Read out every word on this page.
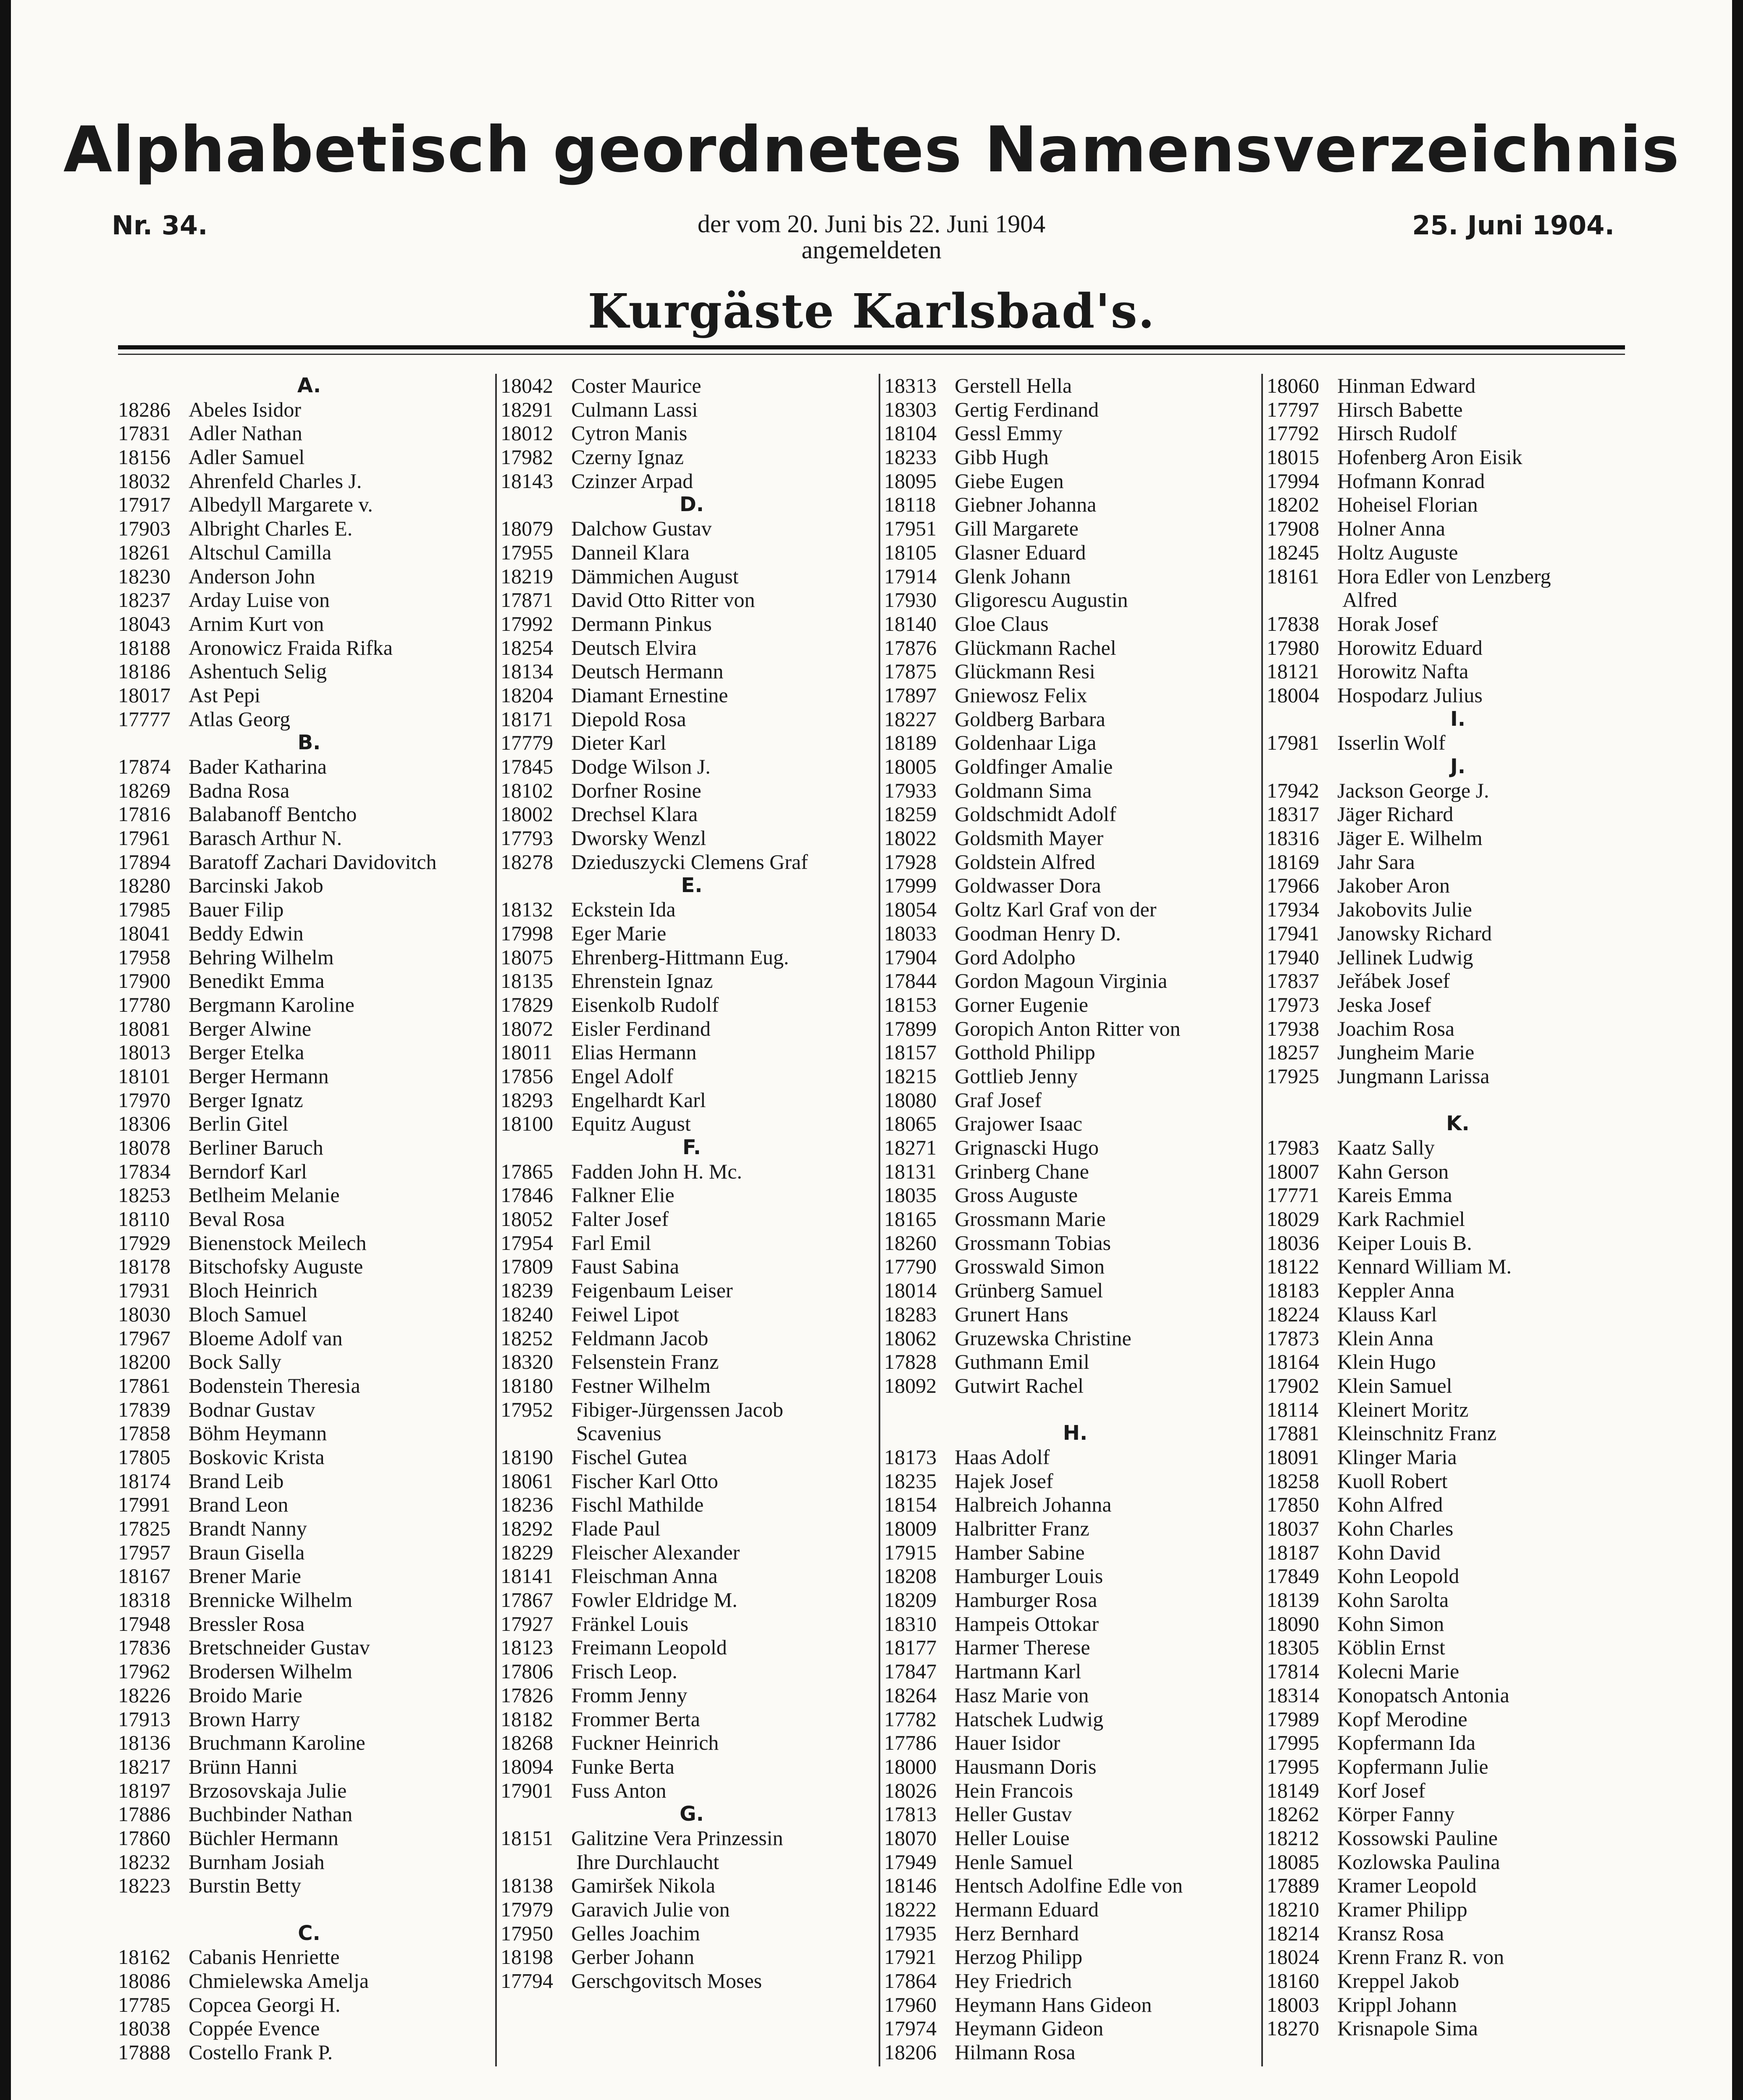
Alphabetisch geordnetes Namensverzeichnis
Nr. 34.	der vom 20. Juni bis 22. Juni 1904
angemeldeten
25. Juni 1904.
Kurgäste Karlsbad's.
A.
18286 Abeles Isidor
17831 Adler Nathan
18156 Adler Samuel
18032 Ahrenfeld Charles J.
17917 Albedyll Margarete v.
17903 Albright Charles E.
18261 Altschul Camilla
18230 Anderson John
18237 Arday Luise von
18043 Arnim Kurt von
18188 Aronowicz Fraida Rifka
18186 Ashentuch Selig
18017 Ast Pepi
17777 Atlas Georg
B.
17874 Bader Katharina
18269 Badna Rosa
17816 Balabanoff Bentcho
17961 Barasch Arthur N.
17894 Baratoff Zachari Davidovitch
18280 Barcinski Jakob
17985 Bauer Filip
18041 Beddy Edwin
17958 Behring Wilhelm
17900 Benedikt Emma
17780 Bergmann Karoline
18081 Berger Alwine
18013 Berger Etelka
18101 Berger Hermann
17970 Berger Ignatz
18306 Berlin Gitel
18078 Berliner Baruch
17834 Berndorf Karl
18253 Betlheim Melanie
18110 Beval Rosa
17929 Bienenstock Meilech
18178 Bitschofsky Auguste
17931 Bloch Heinrich
18030 Bloch Samuel
17967 Bloeme Adolf van
18200 Bock Sally
17861 Bodenstein Theresia
17839 Bodnar Gustav
17858 Böhm Heymann
17805 Boskovic Krista
18174 Brand Leib
17991 Brand Leon
17825 Brandt Nanny
17957 Braun Gisella
18167 Brener Marie
18318 Brennicke Wilhelm
17948 Bressler Rosa
17836 Bretschneider Gustav
17962 Brodersen Wilhelm
18226 Broido Marie
17913 Brown Harry
18136 Bruchmann Karoline
18217 Brünn Hanni
18197 Brzosovskaja Julie
17886 Buchbinder Nathan
17860 Büchler Hermann
18232 Burnham Josiah
18223 Burstin Betty
C.
18162 Cabanis Henriette
18086 Chmielewska Amelja
17785 Copcea Georgi H.
18038 Coppée Evence
17888 Costello Frank P.
18042 Coster Maurice
18291 Culmann Lassi
18012 Cytron Manis
17982 Czerny Ignaz
18143 Czinzer Arpad
D.
18079 Dalchow Gustav
17955 Danneil Klara
18219 Dämmichen August
17871 David Otto Ritter von
17992 Dermann Pinkus
18254 Deutsch Elvira
18134 Deutsch Hermann
18204 Diamant Ernestine
18171 Diepold Rosa
17779 Dieter Karl
17845 Dodge Wilson J.
18102 Dorfner Rosine
18002 Drechsel Klara
17793 Dworsky Wenzl
18278 Dzieduszycki Clemens Graf
E.
18132 Eckstein Ida
17998 Eger Marie
18075 Ehrenberg-Hittmann Eug.
18135 Ehrenstein Ignaz
17829 Eisenkolb Rudolf
18072 Eisler Ferdinand
18011 Elias Hermann
17856 Engel Adolf
18293 Engelhardt Karl
18100 Equitz August
F.
17865 Fadden John H. Mc.
17846 Falkner Elie
18052 Falter Josef
17954 Farl Emil
17809 Faust Sabina
18239 Feigenbaum Leiser
18240 Feiwel Lipot
18252 Feldmann Jacob
18320 Felsenstein Franz
18180 Festner Wilhelm
17952 Fibiger-Jürgenssen Jacob
Scavenius
18190 Fischel Gutea
18061 Fischer Karl Otto
18236 Fischl Mathilde
18292 Flade Paul
18229 Fleischer Alexander
18141 Fleischman Anna
17867 Fowler Eldridge M.
17927 Fränkel Louis
18123 Freimann Leopold
17806 Frisch Leop.
17826 Fromm Jenny
18182 Frommer Berta
18268 Fuckner Heinrich
18094 Funke Berta
17901 Fuss Anton
G.
18151 Galitzine Vera Prinzessin
Ihre Durchlaucht
18138 Gamiršek Nikola
17979 Garavich Julie von
17950 Gelles Joachim
18198 Gerber Johann
17794 Gerschgovitsch Moses
18313 Gerstell Hella
18303 Gertig Ferdinand
18104 Gessl Emmy
18233 Gibb Hugh
18095 Giebe Eugen
18118 Giebner Johanna
17951 Gill Margarete
18105 Glasner Eduard
17914 Glenk Johann
17930 Gligorescu Augustin
18140 Gloe Claus
17876 Glückmann Rachel
17875 Glückmann Resi
17897 Gniewosz Felix
18227 Goldberg Barbara
18189 Goldenhaar Liga
18005 Goldfinger Amalie
17933 Goldmann Sima
18259 Goldschmidt Adolf
18022 Goldsmith Mayer
17928 Goldstein Alfred
17999 Goldwasser Dora
18054 Goltz Karl Graf von der
18033 Goodman Henry D.
17904 Gord Adolpho
17844 Gordon Magoun Virginia
18153 Gorner Eugenie
17899 Goropich Anton Ritter von
18157 Gotthold Philipp
18215 Gottlieb Jenny
18080 Graf Josef
18065 Grajower Isaac
18271 Grignascki Hugo
18131 Grinberg Chane
18035 Gross Auguste
18165 Grossmann Marie
18260 Grossmann Tobias
17790 Grosswald Simon
18014 Grünberg Samuel
18283 Grunert Hans
18062 Gruzewska Christine
17828 Guthmann Emil
18092 Gutwirt Rachel
H.
18173 Haas Adolf
18235 Hajek Josef
18154 Halbreich Johanna
18009 Halbritter Franz
17915 Hamber Sabine
18208 Hamburger Louis
18209 Hamburger Rosa
18310 Hampeis Ottokar
18177 Harmer Therese
17847 Hartmann Karl
18264 Hasz Marie von
17782 Hatschek Ludwig
17786 Hauer Isidor
18000 Hausmann Doris
18026 Hein Francois
17813 Heller Gustav
18070 Heller Louise
17949 Henle Samuel
18146 Hentsch Adolfine Edle von
18222 Hermann Eduard
17935 Herz Bernhard
17921 Herzog Philipp
17864 Hey Friedrich
17960 Heymann Hans Gideon
17974 Heymann Gideon
18206 Hilmann Rosa
18060 Hinman Edward
17797 Hirsch Babette
17792 Hirsch Rudolf
18015 Hofenberg Aron Eisik
17994 Hofmann Konrad
18202 Hoheisel Florian
17908 Holner Anna
18245 Holtz Auguste
18161 Hora Edler von Lenzberg
Alfred
17838 Horak Josef
17980 Horowitz Eduard
18121 Horowitz Nafta
18004 Hospodarz Julius
I.
17981 Isserlin Wolf
J.
17942 Jackson George J.
18317 Jäger Richard
18316 Jäger E. Wilhelm
18169 Jahr Sara
17966 Jakober Aron
17934 Jakobovits Julie
17941 Janowsky Richard
17940 Jellinek Ludwig
17837 Jeřábek Josef
17973 Jeska Josef
17938 Joachim Rosa
18257 Jungheim Marie
17925 Jungmann Larissa
K.
17983 Kaatz Sally
18007 Kahn Gerson
17771 Kareis Emma
18029 Kark Rachmiel
18036 Keiper Louis B.
18122 Kennard William M.
18183 Keppler Anna
18224 Klauss Karl
17873 Klein Anna
18164 Klein Hugo
17902 Klein Samuel
18114 Kleinert Moritz
17881 Kleinschnitz Franz
18091 Klinger Maria
18258 Kuoll Robert
17850 Kohn Alfred
18037 Kohn Charles
18187 Kohn David
17849 Kohn Leopold
18139 Kohn Sarolta
18090 Kohn Simon
18305 Köblin Ernst
17814 Kolecni Marie
18314 Konopatsch Antonia
17989 Kopf Merodine
17995 Kopfermann Ida
17995 Kopfermann Julie
18149 Korf Josef
18262 Körper Fanny
18212 Kossowski Pauline
18085 Kozlowska Paulina
17889 Kramer Leopold
18210 Kramer Philipp
18214 Kransz Rosa
18024 Krenn Franz R. von
18160 Kreppel Jakob
18003 Krippl Johann
18270 Krisnapole Sima
